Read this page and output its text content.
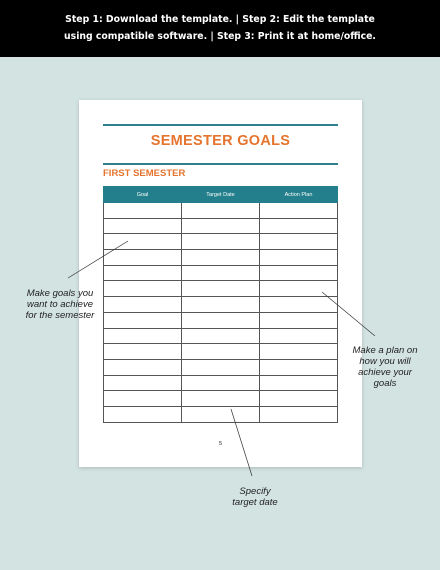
Step 1: Download the template. | Step 2: Edit the template
using compatible software. | Step 3: Print it at home/office.
SEMESTER GOALS
FIRST SEMESTER
Goal	Target Date	Action Plan

5
Make goals you
want to achieve
for the semester
Make a plan on
how you will
achieve your
goals
Specify
target date
